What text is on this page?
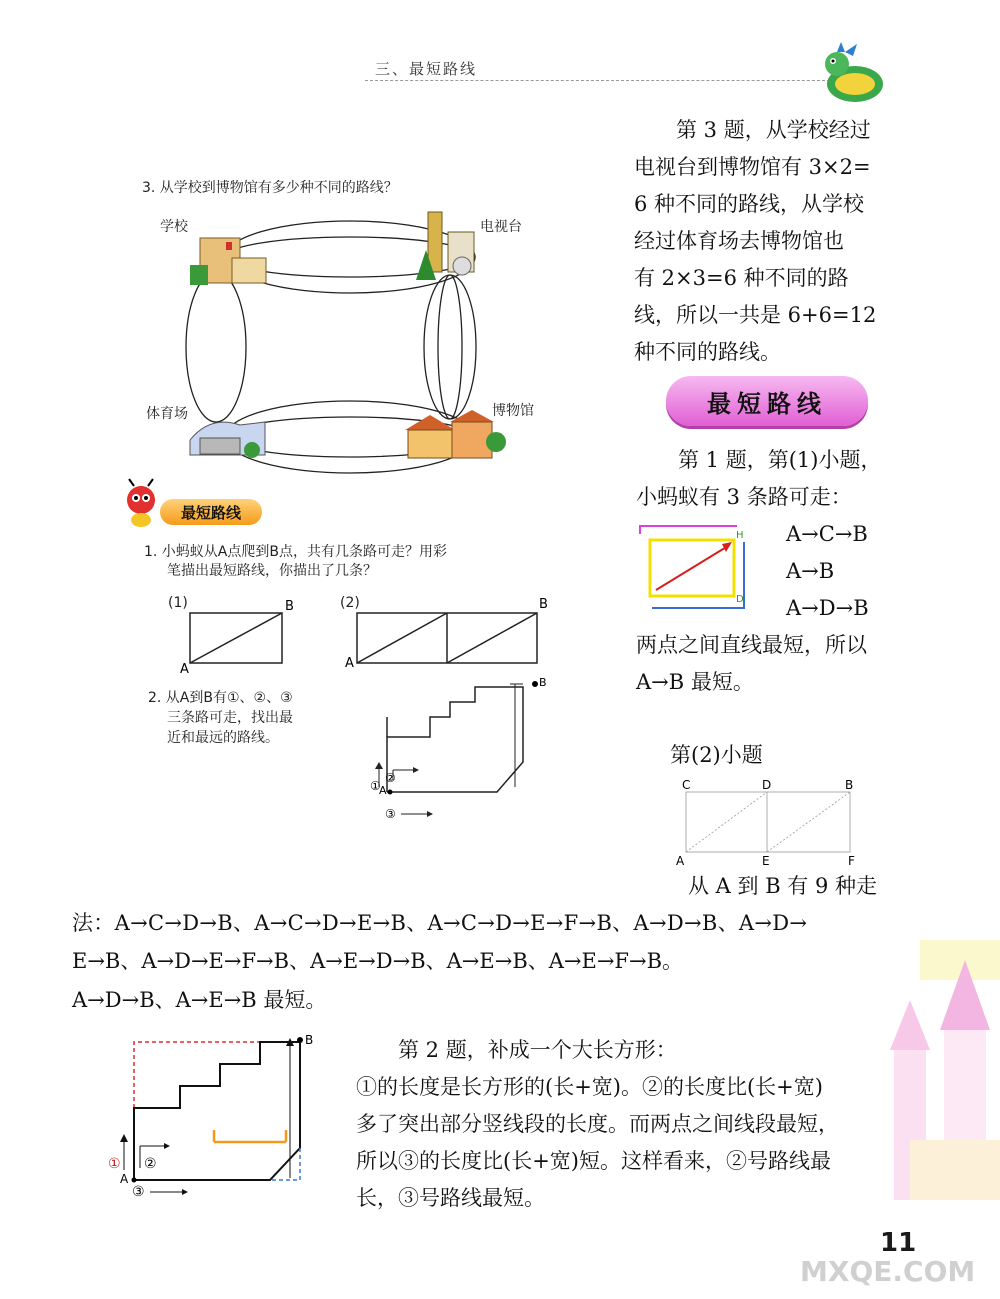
三、最短路线
3. 从学校到博物馆有多少种不同的路线？
学校	电视台
体育场	博物馆
最短路线
1. 小蚂蚁从A点爬到B点，共有几条路可走？用彩
笔描出最短路线，你描出了几条？
(1)	(2)
A
B
A
B
2. 从A到B有①、②、③
三条路可走，找出最
近和最远的路线。
B
A
①
②
③
第 3 题，从学校经过
电视台到博物馆有 3×2=
6 种不同的路线，从学校
经过体育场去博物馆也
有 2×3=6 种不同的路
线，所以一共是 6+6=12
种不同的路线。
最短路线
第 1 题，第(1)小题，
小蚂蚁有 3 条路可走：
H
D
A→C→B
A→B
A→D→B
两点之间直线最短，所以
A→B 最短。
第(2)小题
C	D	B
A	E	F
从 A 到 B 有 9 种走
法：A→C→D→B、A→C→D→E→B、A→C→D→E→F→B、A→D→B、A→D→
E→B、A→D→E→F→B、A→E→D→B、A→E→B、A→E→F→B。
A→D→B、A→E→B 最短。
B
A
① ②
③
第 2 题，补成一个大长方形：
①的长度是长方形的(长+宽)。②的长度比(长+宽)
多了突出部分竖线段的长度。而两点之间线段最短，
所以③的长度比(长+宽)短。这样看来，②号路线最
长，③号路线最短。
11
MXQE.COM
